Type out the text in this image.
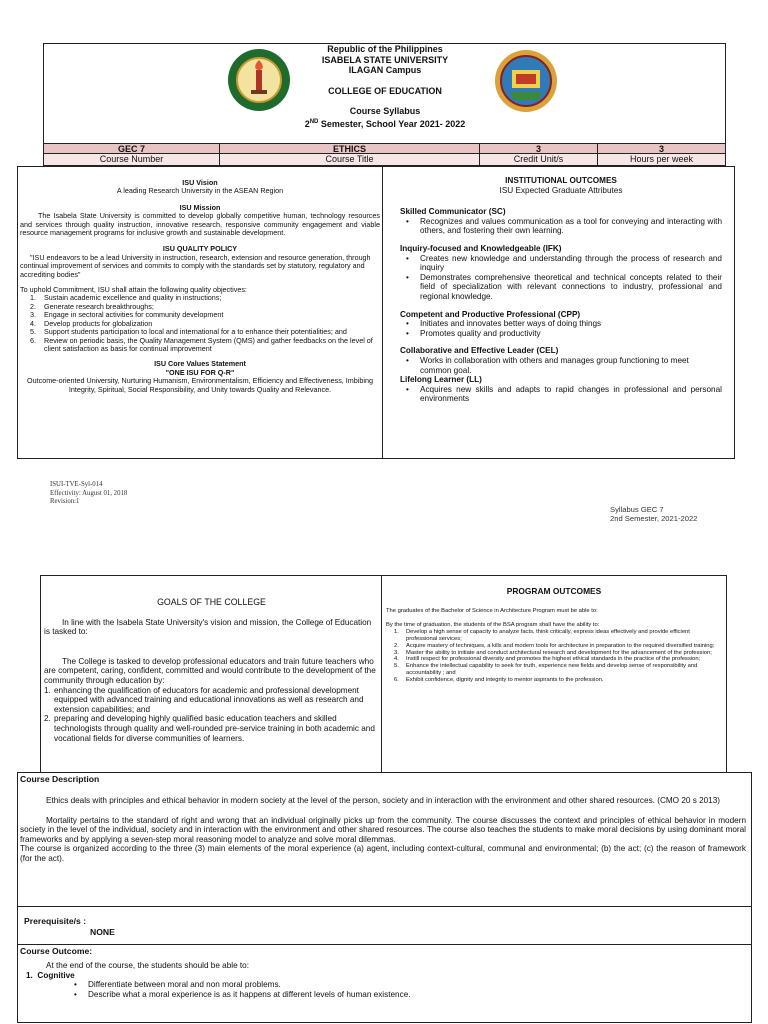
Republic of the Philippines
ISABELA STATE UNIVERSITY
ILAGAN Campus
COLLEGE OF EDUCATION
Course Syllabus
2ND Semester, School Year 2021- 2022
GEC 7	ETHICS	3	3
Course Number	Course Title	Credit Unit/s	Hours per week
ISU Vision
A leading Research University in the ASEAN Region
ISU Mission
The Isabela State University is committed to develop globally competitive human, technology resources and services through quality instruction, innovative research, responsive community engagement and viable resource management programs for inclusive growth and sustainable development.
ISU QUALITY POLICY
"ISU endeavors to be a lead University in instruction, research, extension and resource generation, through continual improvement of services and commits to comply with the standards set by statutory, regulatory and accrediting bodies"
To uphold Commitment, ISU shall attain the following quality objectives:
1. Sustain academic excellence and quality in instructions;
2. Generate research breakthroughs;
3. Engage in sectoral activities for community development
4. Develop products for globalization
5. Support students participation to local and international for a to enhance their potentialities; and
6. Review on periodic basis, the Quality Management System (QMS) and gather feedbacks on the level of client satisfaction as basis for continual improvement
ISU Core Values Statement
"ONE ISU FOR Q-R"
Outcome-oriented University, Nurturing Humanism, Environmentalism, Efficiency and Effectiveness, Imbibing Integrity, Spiritual, Social Responsibility, and Unity towards Quality and Relevance.
INSTITUTIONAL OUTCOMES
ISU Expected Graduate Attributes
Skilled Communicator (SC)
• Recognizes and values communication as a tool for conveying and interacting with others, and fostering their own learning.
Inquiry-focused and Knowledgeable (IFK)
• Creates new knowledge and understanding through the process of research and inquiry
• Demonstrates comprehensive theoretical and technical concepts related to their field of specialization with relevant connections to industry, professional and regional knowledge.
Competent and Productive Professional (CPP)
• Initiates and innovates better ways of doing things
• Promotes quality and productivity
Collaborative and Effective Leader (CEL)
• Works in collaboration with others and manages group functioning to meet common goal.
Lifelong Learner (LL)
• Acquires new skills and adapts to rapid changes in professional and personal environments
ISUI-TVE-Syl-014
Effectivity: August 01, 2018
Revision:1
Syllabus GEC 7
2nd Semester, 2021-2022
GOALS OF THE COLLEGE
In line with the Isabela State University's vision and mission, the College of Education is tasked to:
The College is tasked to develop professional educators and train future teachers who are competent, caring, confident, committed and would contribute to the development of the community through education by:
1. enhancing the qualification of educators for academic and professional development equipped with advanced training and educational innovations as well as research and extension capabilities; and
2. preparing and developing highly qualified basic education teachers and skilled technologists through quality and well-rounded pre-service training in both academic and vocational fields for diverse communities of learners.
PROGRAM OUTCOMES
The graduates of the Bachelor of Science in Architecture Program must be able to:
By the time of graduation, the students of the BSA program shall have the ability to:
1. Develop a high sense of capacity to analyze facts, think critically, express ideas effectively and provide efficient professional services;
2. Acquire mastery of techniques, a kills and modern tools for architecture in preparation to the required diversified training;
3. Master the ability to initiate and conduct architectural research and development for the advancement of the profession;
4. Instill respect for professional diversity and promotes the highest ethical standards in the practice of the profession;
5. Enhance the intellectual capability to seek for truth, experience new fields and develop sense of responsibility and accountability ; and
6. Exhibit confidence, dignity and integrity to mentor aspirants to the profession.
Course Description
Ethics deals with principles and ethical behavior in modern society at the level of the person, society and in interaction with the environment and other shared resources. (CMO 20 s 2013)
Mortality pertains to the standard of right and wrong that an individual originally picks up from the community. The course discusses the context and principles of ethical behavior in modern society in the level of the individual, society and in interaction with the environment and other shared resources. The course also teaches the students to make moral decisions by using dominant moral frameworks and by applying a seven-step moral reasoning model to analyze and solve moral dilemmas.
The course is organized according to the three (3) main elements of the moral experience (a) agent, including context-cultural, communal and environmental; (b) the act; (c) the reason of framework (for the act).
Prerequisite/s :
NONE
Course Outcome:
At the end of the course, the students should be able to:
1. Cognitive
• Differentiate between moral and non moral problems.
• Describe what a moral experience is as it happens at different levels of human existence.
